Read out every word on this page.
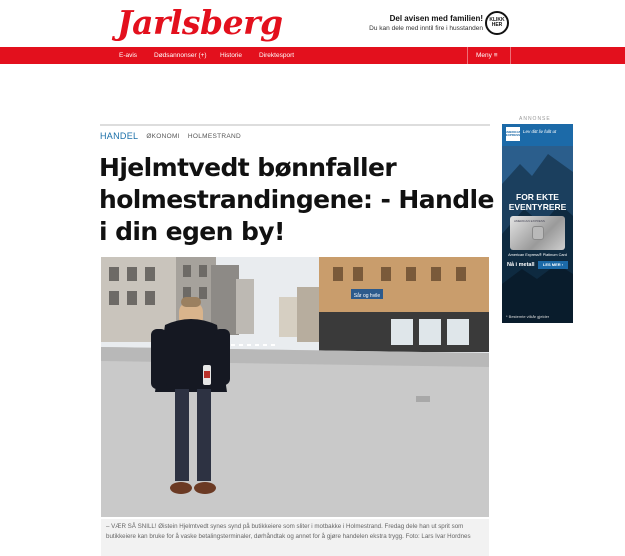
Jarlsberg	Del avisen med familien!
Du kan dele med inntil fire i husstanden
KLIKK HER
E-avis	Dødsannonser (+) Historie	Direktesport	Meny ≡
HANDEL ØKONOMI HOLMESTRAND
Hjelmtvedt bønnfaller holmestrandingene: - Handle i din egen by!
Sår og hvile
– VÆR SÅ SNILL! Øistein Hjelmtvedt synes synd på butikkeiere som sliter i motbakke i Holmestrand. Fredag dele han ut sprit som butikkeiere kan bruke for å vaske betalingsterminaler, dørhåndtak og annet for å gjøre handelen ekstra trygg. Foto: Lars Ivar Hordnes
ANNONSE
AMERICAN EXPRESS
Lev ditt liv fullt ut
FOR EKTE
EVENTYRERE
AMERICAN EXPRESS
American Express® Platinum Card
Nå i metall	LES MER ›
* Bestemte vilkår gjelder
